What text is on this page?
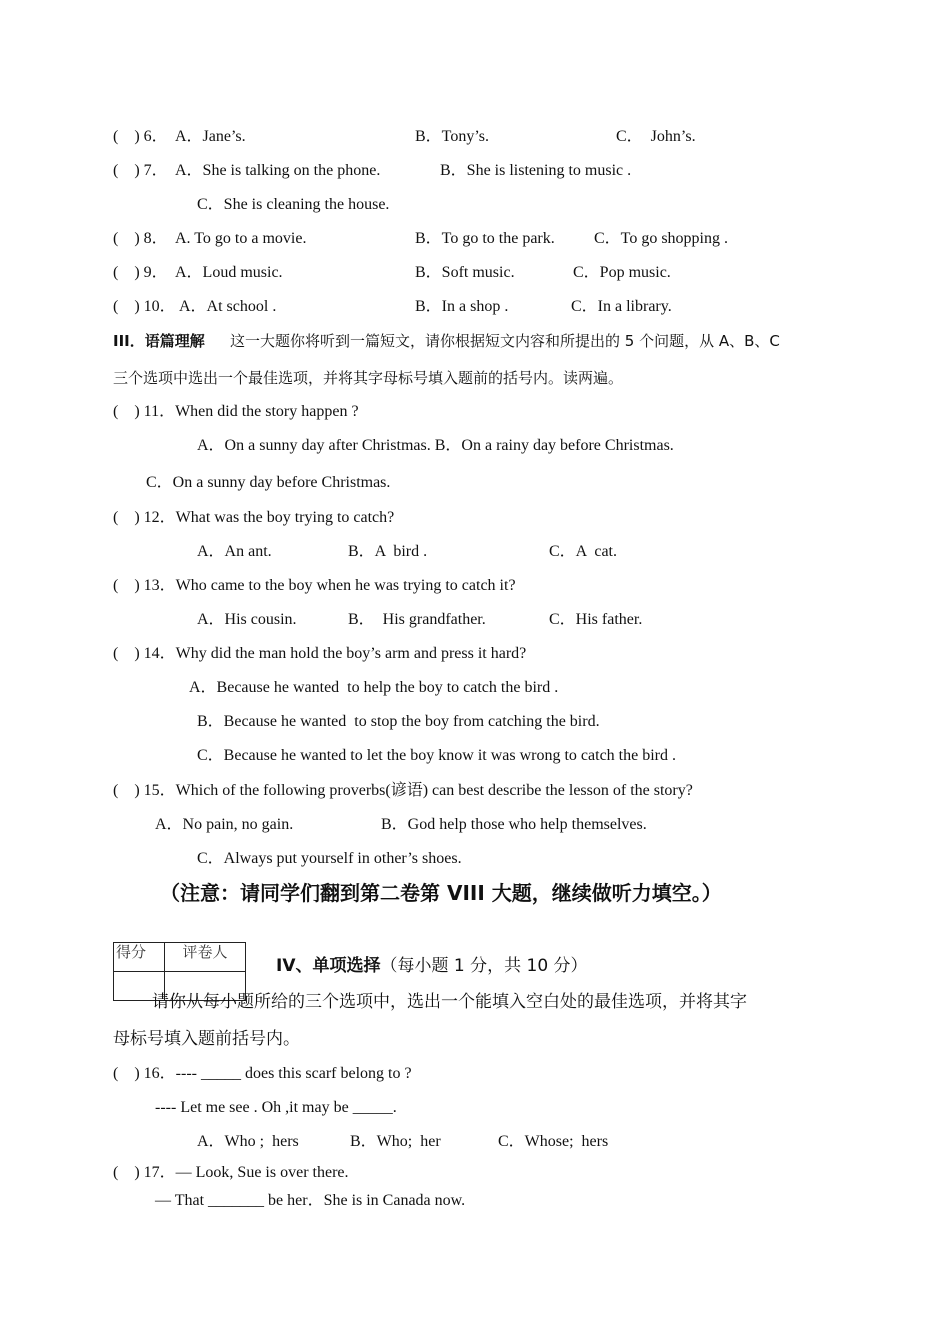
(    ) 6． A．Jane’s.	B．Tony’s.	C．  John’s.
(    ) 7． A．She is talking on the phone.	B．She is listening to music .
C．She is cleaning the house.
(    ) 8． A. To go to a movie.	B．To go to the park. C．To go shopping .
(    ) 9． A．Loud music.	B．Soft music.	C．Pop music.
(    ) 10． A．At school .	B．In a shop .	C．In a library.
III．语篇理解 这一大题你将听到一篇短文，请你根据短文内容和所提出的 5 个问题，从 A、B、C
三个选项中选出一个最佳选项，并将其字母标号填入题前的括号内。读两遍。
(    ) 11．When did the story happen ?
A．On a sunny day after Christmas. B．On a rainy day before Christmas.
C．On a sunny day before Christmas.
(    ) 12．What was the boy trying to catch?
A．An ant.	B．A  bird .	C．A  cat.
(    ) 13．Who came to the boy when he was trying to catch it?
A．His cousin.	B．  His grandfather.	C．His father.
(    ) 14．Why did the man hold the boy’s arm and press it hard?
A．Because he wanted  to help the boy to catch the bird .
B．Because he wanted  to stop the boy from catching the bird.
C．Because he wanted to let the boy know it was wrong to catch the bird .
(    ) 15．Which of the following proverbs(谚语) can best describe the lesson of the story?
A．No pain, no gain.	B．God help those who help themselves.
C．Always put yourself in other’s shoes.
（注意：请同学们翻到第二卷第 VIII 大题，继续做听力填空。）
得分	评卷人

IV、单项选择（每小题 1 分，共 10 分）
请你从每小题所给的三个选项中，选出一个能填入空白处的最佳选项，并将其字
母标号填入题前括号内。
(    ) 16．---- _____ does this scarf belong to ?
---- Let me see . Oh ,it may be _____.
A．Who ;  hers	B．Who;  her	C．Whose;  hers
(    ) 17．— Look, Sue is over there.
— That _______ be her．She is in Canada now.
